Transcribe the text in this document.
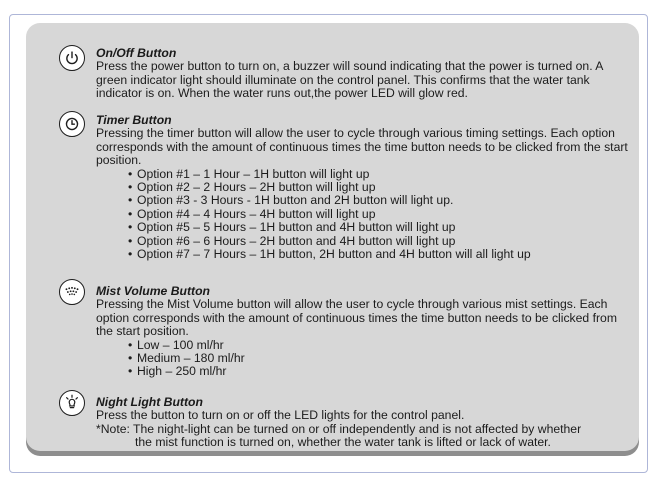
On/Off Button

Press the power button to turn on, a buzzer will sound indicating that the power is turned on. A green indicator light should illuminate on the control panel. This confirms that the water tank indicator is on. When the water runs out,the power LED will glow red.

Timer Button

Pressing the timer button will allow the user to cycle through various timing settings. Each option corresponds with the amount of continuous times the time button needs to be clicked from the start position.

• Option #1 – 1 Hour – 1H button will light up
• Option #2 – 2 Hours – 2H button will light up
• Option #3 - 3 Hours - 1H button and 2H button will light up.
• Option #4 – 4 Hours – 4H button will light up
• Option #5 – 5 Hours – 1H button and 4H button will light up
• Option #6 – 6 Hours – 2H button and 4H button will light up
• Option #7 – 7 Hours – 1H button, 2H button and 4H button will all light up
Mist Volume Button

Pressing the Mist Volume button will allow the user to cycle through various mist settings. Each option corresponds with the amount of continuous times the time button needs to be clicked from the start position.

• Low – 100 ml/hr
• Medium – 180 ml/hr
• High – 250 ml/hr
Night Light Button

Press the button to turn on or off the LED lights for the control panel.

*Note: The night-light can be turned on or off independently and is not affected by whether
the mist function is turned on, whether the water tank is lifted or lack of water.
